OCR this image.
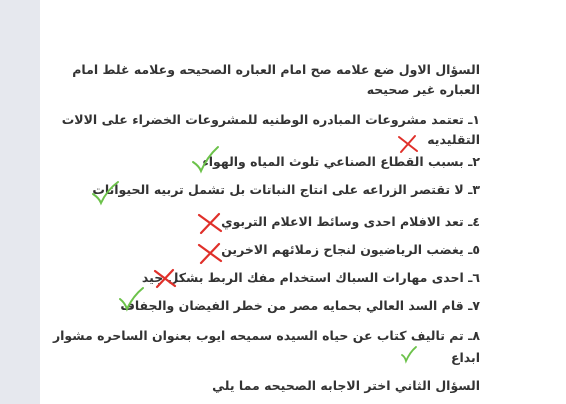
السؤال الاول ضع علامه صح امام العباره الصحيحه وعلامه غلط امام
العباره غير صحيحه
١ـ تعتمد مشروعات المبادره الوطنيه للمشروعات الخضراء على الالات
التقليديه
٢ـ بسبب القطاع الصناعي تلوث المياه والهواء
٣ـ لا تقتصر الزراعه على انتاج النباتات بل تشمل تربيه الحيوانات
٤ـ تعد الافلام احدى وسائط الاعلام التربوي
٥ـ يغضب الرياضيون لنجاح زملائهم الاخرين
٦ـ احدى مهارات السباك استخدام مفك الربط بشكل جيد
٧ـ قام السد العالي بحمايه مصر من خطر الفيضان والجفاف
٨ـ تم تاليف كتاب عن حياه السيده سميحه ايوب بعنوان الساحره مشوار
ابداع
السؤال الثاني اختر الاجابه الصحيحه مما يلي
